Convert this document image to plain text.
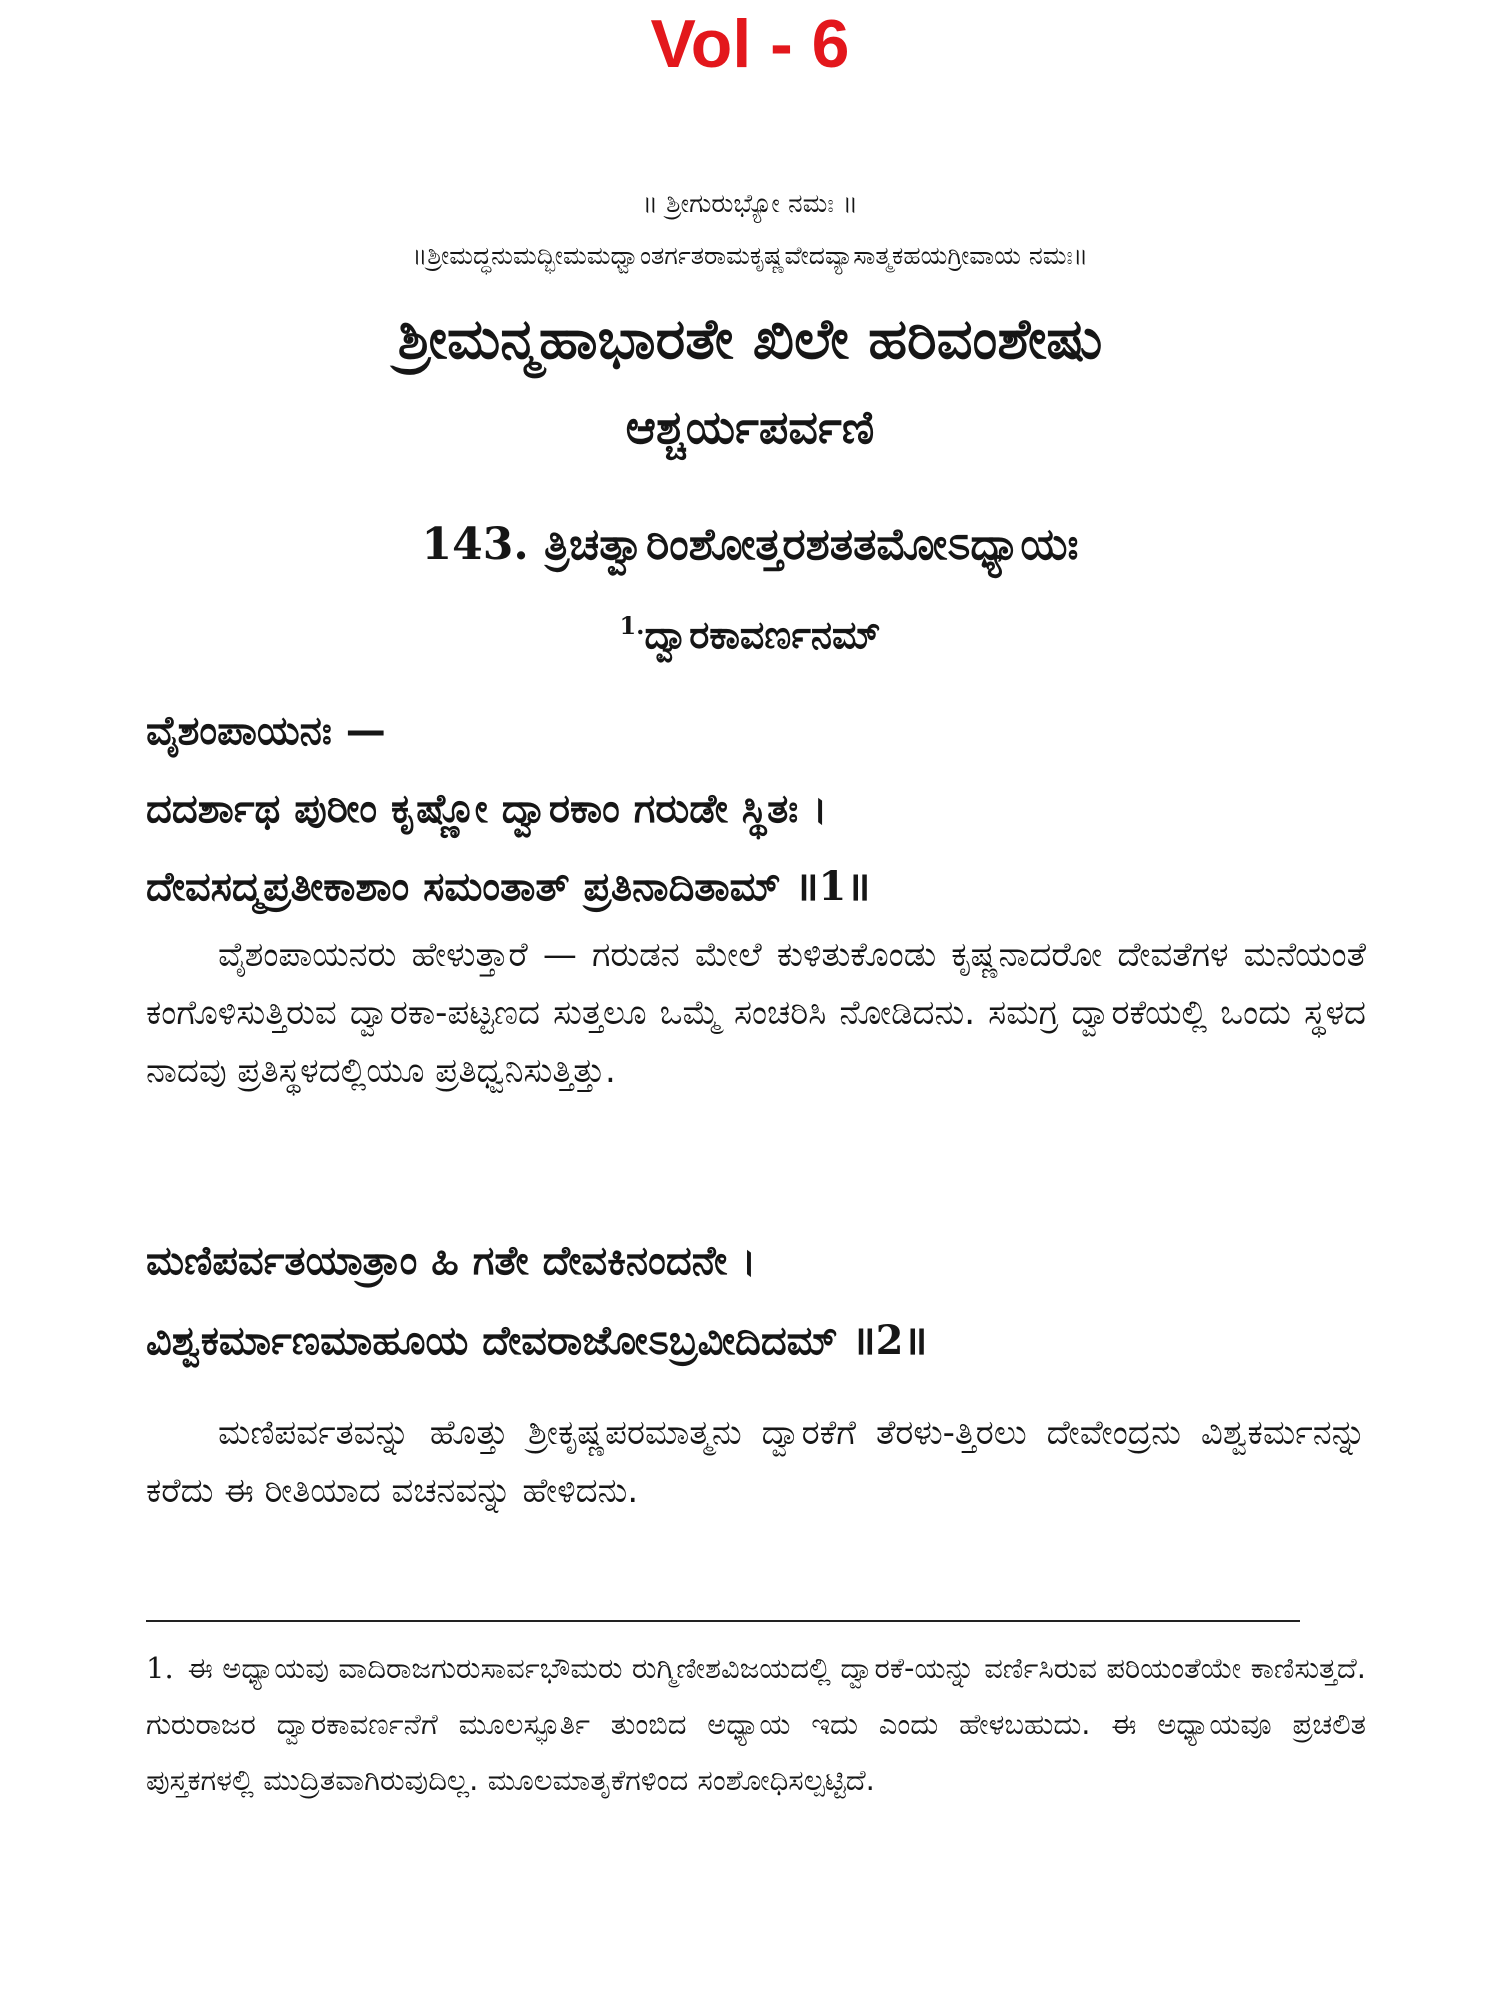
Vol - 6

॥ ಶ್ರೀಗುರುಭ್ಯೋ ನಮಃ ॥

॥ಶ್ರೀಮದ್ಧನುಮದ್ಭೀಮಮಧ್ವಾಂತರ್ಗತರಾಮಕೃಷ್ಣವೇದವ್ಯಾಸಾತ್ಮಕಹಯಗ್ರೀವಾಯ ನಮಃ॥

ಶ್ರೀಮನ್ಮಹಾಭಾರತೇ ಖಿಲೇ ಹರಿವಂಶೇಷು
ಆಶ್ಚರ್ಯಪರ್ವಣಿ
143. ತ್ರಿಚತ್ವಾರಿಂಶೋತ್ತರಶತತಮೋಽಧ್ಯಾಯಃ
$^{1.}$ದ್ವಾರಕಾವರ್ಣನಮ್

ವೈಶಂಪಾಯನಃ —

ದದರ್ಶಾಥ ಪುರೀಂ ಕೃಷ್ಣೋ ದ್ವಾರಕಾಂ ಗರುಡೇ ಸ್ಥಿತಃ ।

ದೇವಸದ್ಮಪ್ರತೀಕಾಶಾಂ ಸಮಂತಾತ್ ಪ್ರತಿನಾದಿತಾಮ್ ॥1॥

ವೈಶಂಪಾಯನರು ಹೇಳುತ್ತಾರೆ — ಗರುಡನ ಮೇಲೆ ಕುಳಿತುಕೊಂಡು ಕೃಷ್ಣನಾದರೋ ದೇವತೆಗಳ ಮನೆಯಂತೆ ಕಂಗೊಳಿಸುತ್ತಿರುವ ದ್ವಾರಕಾ-ಪಟ್ಟಣದ ಸುತ್ತಲೂ ಒಮ್ಮೆ ಸಂಚರಿಸಿ ನೋಡಿದನು. ಸಮಗ್ರ ದ್ವಾರಕೆಯಲ್ಲಿ ಒಂದು ಸ್ಥಳದ ನಾದವು ಪ್ರತಿಸ್ಥಳದಲ್ಲಿಯೂ ಪ್ರತಿಧ್ವನಿಸುತ್ತಿತ್ತು.

ಮಣಿಪರ್ವತಯಾತ್ರಾಂ ಹಿ ಗತೇ ದೇವಕಿನಂದನೇ ।

ವಿಶ್ವಕರ್ಮಾಣಮಾಹೂಯ ದೇವರಾಜೋಽಬ್ರವೀದಿದಮ್ ॥2॥

ಮಣಿಪರ್ವತವನ್ನು ಹೊತ್ತು ಶ್ರೀಕೃಷ್ಣಪರಮಾತ್ಮನು ದ್ವಾರಕೆಗೆ ತೆರಳು-ತ್ತಿರಲು ದೇವೇಂದ್ರನು ವಿಶ್ವಕರ್ಮನನ್ನು ಕರೆದು ಈ ರೀತಿಯಾದ ವಚನವನ್ನು ಹೇಳಿದನು.

1. ಈ ಅಧ್ಯಾಯವು ವಾದಿರಾಜಗುರುಸಾರ್ವಭೌಮರು ರುಗ್ಮಿಣೀಶವಿಜಯದಲ್ಲಿ ದ್ವಾರಕೆ-ಯನ್ನು ವರ್ಣಿಸಿರುವ ಪರಿಯಂತೆಯೇ ಕಾಣಿಸುತ್ತದೆ. ಗುರುರಾಜರ ದ್ವಾರಕಾವರ್ಣನೆಗೆ ಮೂಲಸ್ಫೂರ್ತಿ ತುಂಬಿದ ಅಧ್ಯಾಯ ಇದು ಎಂದು ಹೇಳಬಹುದು. ಈ ಅಧ್ಯಾಯವೂ ಪ್ರಚಲಿತ ಪುಸ್ತಕಗಳಲ್ಲಿ ಮುದ್ರಿತವಾಗಿರುವುದಿಲ್ಲ. ಮೂಲಮಾತೃಕೆಗಳಿಂದ ಸಂಶೋಧಿಸಲ್ಪಟ್ಟಿದೆ.
